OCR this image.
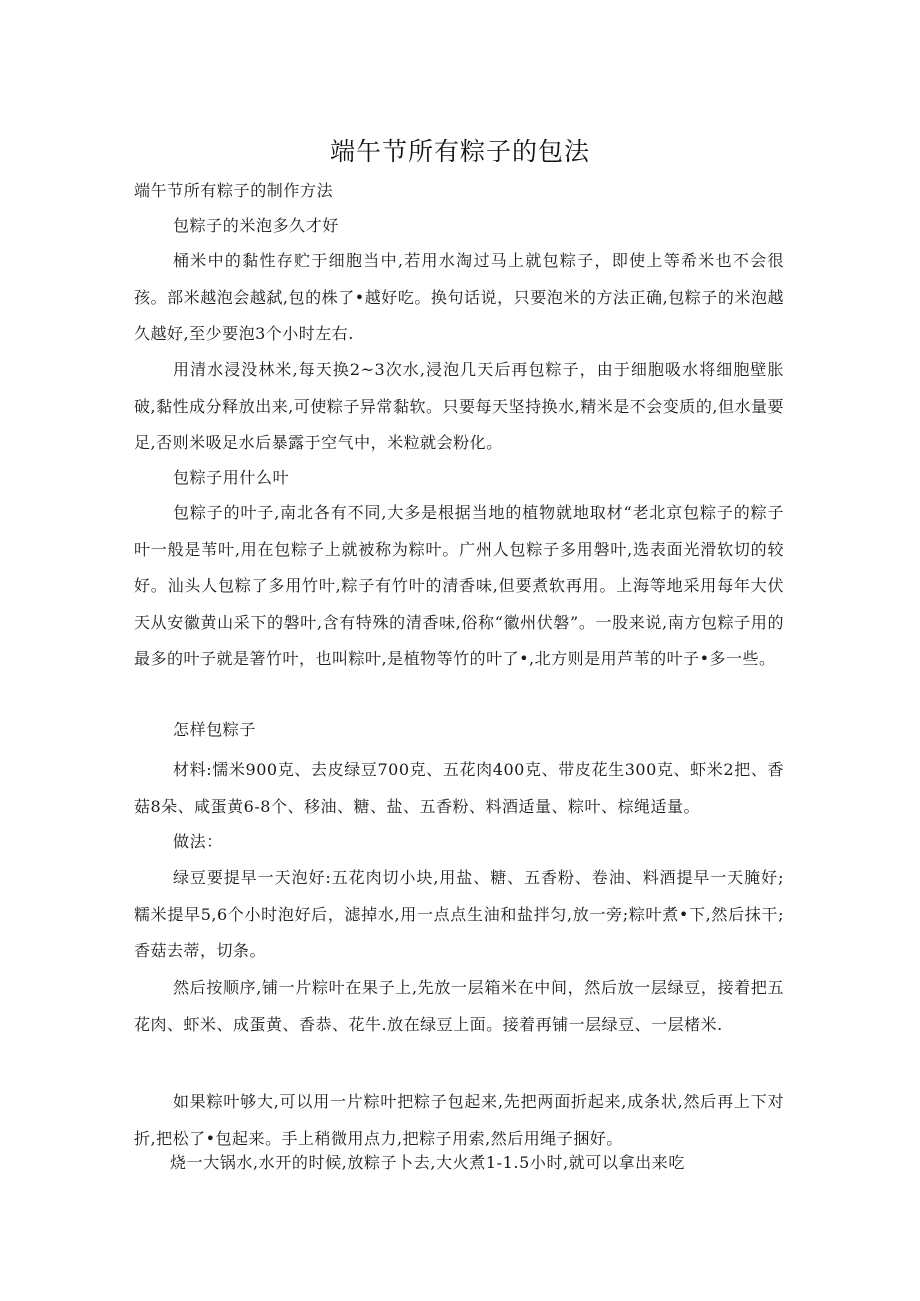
端午节所有粽子的包法
端午节所有粽子的制作方法
包粽子的米泡多久才好
桶米中的黏性存贮于细胞当中,若用水淘过马上就包粽子，即使上等希米也不会很孩。部米越泡会越弑,包的株了•越好吃。换句话说，只要泡米的方法正确,包粽子的米泡越久越好,至少要泡3个小时左右.
用清水浸没林米,每天换2~3次水,浸泡几天后再包粽子，由于细胞吸水将细胞壁胀破,黏性成分释放出来,可使粽子异常黏软。只要每天坚持换水,精米是不会变质的,但水量要足,否则米吸足水后暴露于空气中，米粒就会粉化。
包粽子用什么叶
包粽子的叶子,南北各有不同,大多是根据当地的植物就地取材“老北京包粽子的粽子叶一般是苇叶,用在包粽子上就被称为粽叶。广州人包粽子多用磐叶,选表面光滑软切的较好。汕头人包粽了多用竹叶,粽子有竹叶的清香味,但要煮软再用。上海等地采用每年大伏天从安徽黄山采下的磐叶,含有特殊的清香味,俗称“徽州伏磐”。一股来说,南方包粽子用的最多的叶子就是箸竹叶，也叫粽叶,是植物等竹的叶了•,北方则是用芦苇的叶子•多一些。
怎样包粽子
材料:懦米900克、去皮绿豆700克、五花肉400克、带皮花生300克、虾米2把、香菇8朵、咸蛋黄6-8个、移油、糖、盐、五香粉、料酒适量、粽叶、棕绳适量。
做法：
绿豆要提早一天泡好:五花肉切小块,用盐、糖、五香粉、卷油、料酒提早一天腌好;糯米提早5,6个小时泡好后，滤掉水,用一点点生油和盐拌匀,放一旁;粽叶煮•下,然后抹干;香菇去蒂，切条。
然后按顺序,铺一片粽叶在果子上,先放一层箱米在中间，然后放一层绿豆，接着把五花肉、虾米、成蛋黄、香恭、花牛.放在绿豆上面。接着再铺一层绿豆、一层楮米.
如果粽叶够大,可以用一片粽叶把粽子包起来,先把两面折起来,成条状,然后再上下对折,把松了•包起来。手上稍微用点力,把粽子用索,然后用绳子捆好。
烧一大锅水,水开的时候,放粽子卜去,大火煮1-1.5小时,就可以拿出来吃
